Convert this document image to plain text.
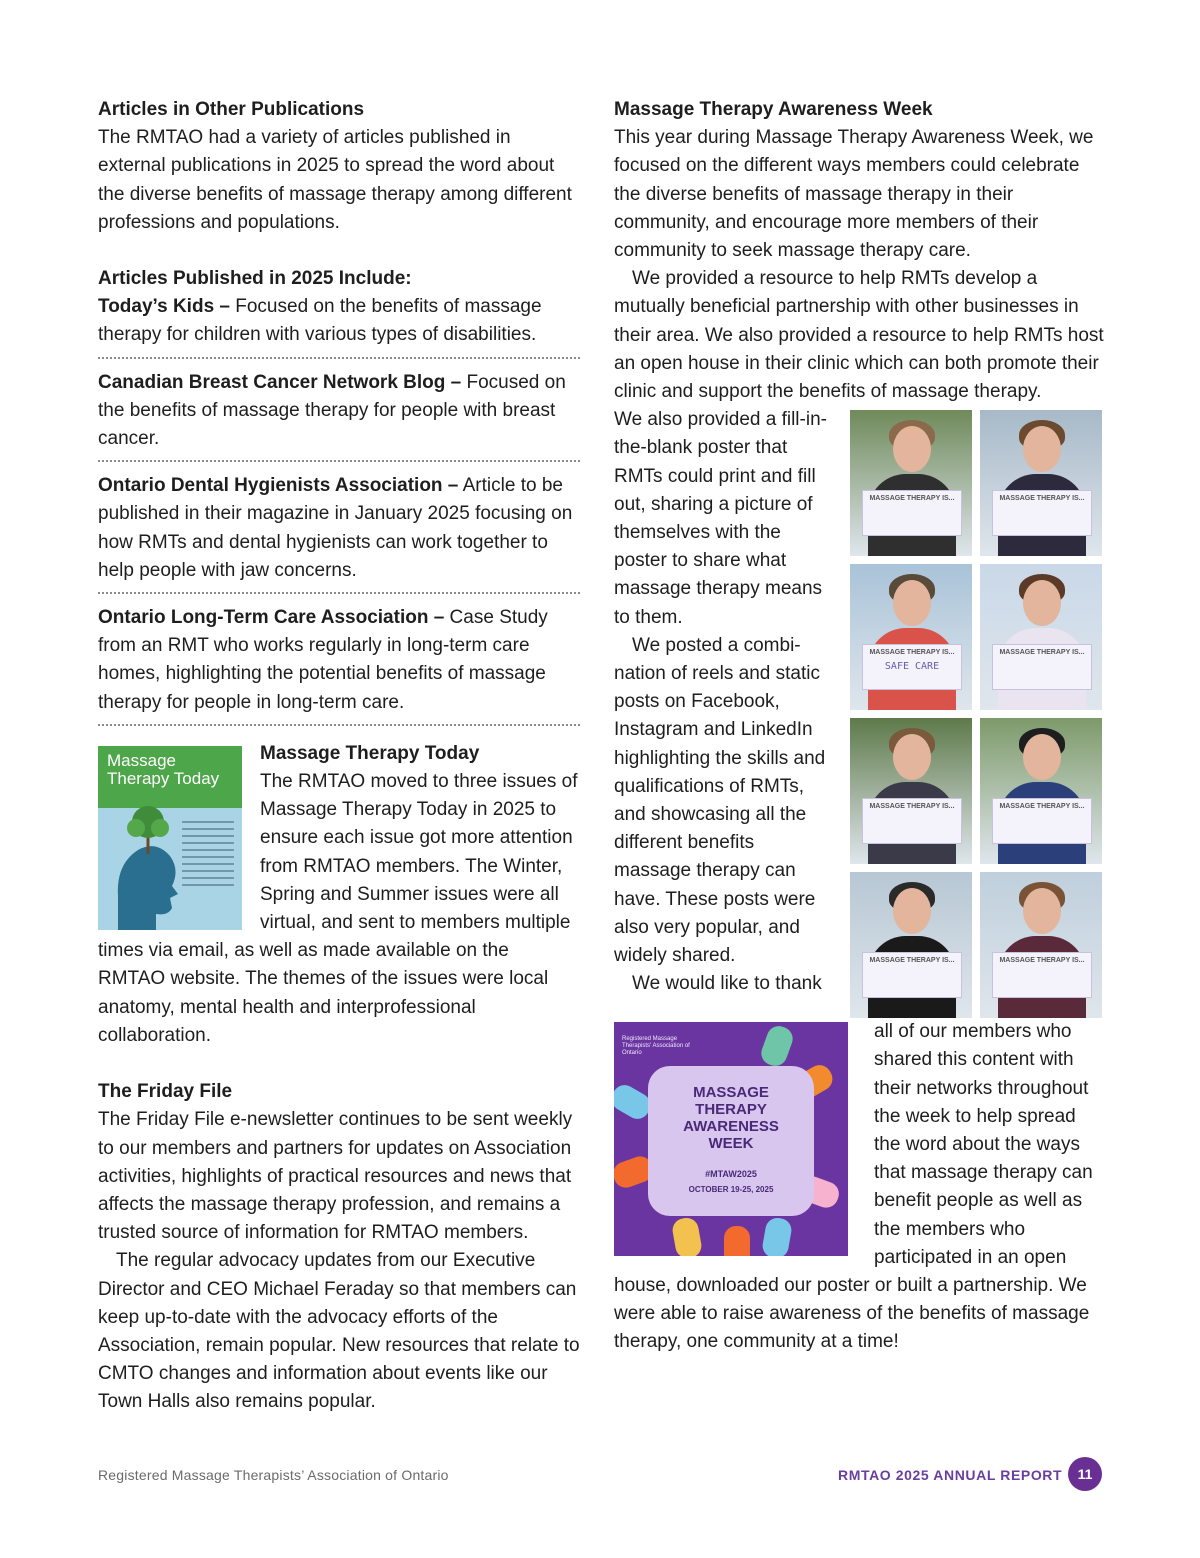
Articles in Other Publications

The RMTAO had a variety of articles published in external publications in 2025 to spread the word about the diverse benefits of massage therapy among different professions and populations.

Articles Published in 2025 Include:

Today’s Kids – Focused on the benefits of massage therapy for children with various types of disabilities.

Canadian Breast Cancer Network Blog – Focused on the benefits of massage therapy for people with breast cancer.

Ontario Dental Hygienists Association – Article to be published in their magazine in January 2025 focusing on how RMTs and dental hygienists can work together to help people with jaw concerns.

Ontario Long-Term Care Association – Case Study from an RMT who works regularly in long-term care homes, highlighting the potential benefits of massage therapy for people in long-term care.

Massage Therapy Today

Massage Therapy Today

The RMTAO moved to three issues of Massage Therapy Today in 2025 to ensure each issue got more attention from RMTAO members. The Winter, Spring and Summer issues were all virtual, and sent to members multiple times via email, as well as made available on the RMTAO website. The themes of the issues were local anatomy, mental health and interprofessional collaboration.

The Friday File

The Friday File e-newsletter continues to be sent weekly to our members and partners for updates on Association activities, highlights of practical resources and news that affects the massage therapy profession, and remains a trusted source of information for RMTAO members.

The regular advocacy updates from our Executive Director and CEO Michael Feraday so that members can keep up-to-date with the advocacy efforts of the Association, remain popular. New resources that relate to CMTO changes and information about events like our Town Halls also remains popular.

Massage Therapy Awareness Week

This year during Massage Therapy Awareness Week, we focused on the different ways members could celebrate the diverse benefits of massage therapy in their community, and encourage more members of their community to seek massage therapy care.

We provided a resource to help RMTs develop a mutually beneficial partnership with other businesses in their area. We also provided a resource to help RMTs host an open house in their clinic which can both promote their clinic and support the benefits of massage therapy.

MASSAGE THERAPY IS...	MASSAGE THERAPY IS...
MASSAGE THERAPY IS...
SAFE CARE
MASSAGE THERAPY IS...
MASSAGE THERAPY IS...	MASSAGE THERAPY IS...
MASSAGE THERAPY IS...	MASSAGE THERAPY IS...

We also provided a fill-in-the-blank poster that RMTs could print and fill out, sharing a picture of themselves with the poster to share what massage therapy means to them.

We posted a combi-nation of reels and static posts on Facebook, Instagram and LinkedIn highlighting the skills and qualifications of RMTs, and showcasing all the different benefits massage therapy can have. These posts were also very popular, and widely shared.

Registered Massage Therapists' Association of Ontario
MASSAGE
THERAPY
AWARENESS
WEEK
#MTAW2025
OCTOBER 19-25, 2025

We would like to thank all of our members who shared this content with their networks throughout the week to help spread the word about the ways that massage therapy can benefit people as well as the members who participated in an open house, downloaded our poster or built a partnership. We were able to raise awareness of the benefits of massage therapy, one community at a time!

Registered Massage Therapists’ Association of Ontario	RMTAO 2025 ANNUAL REPORT	11
